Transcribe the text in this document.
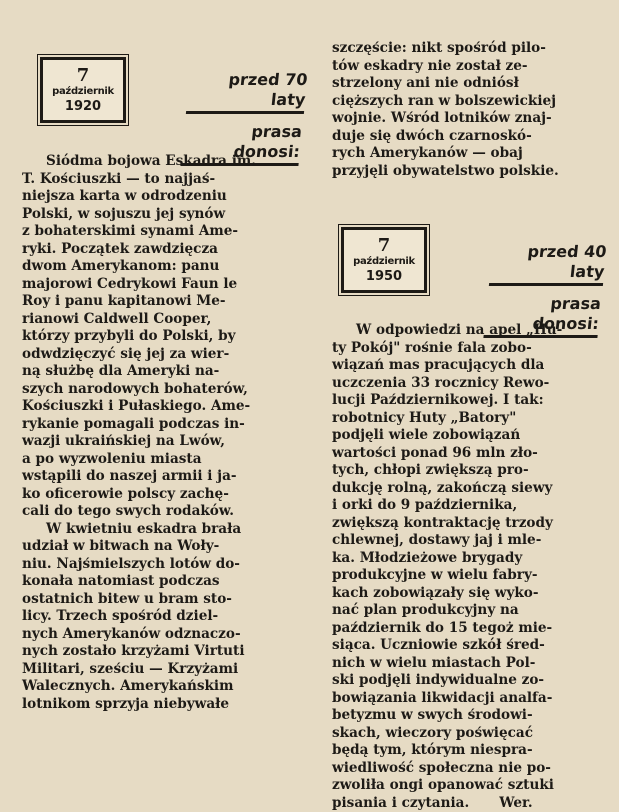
7
październik
1920
przed 70 laty
prasa donosi:

Siódma bojowa Eskadra im.
T. Kościuszki — to najjaś-
niejsza karta w odrodzeniu
Polski, w sojuszu jej synów
z bohaterskimi synami Ame-
ryki. Początek zawdzięcza
dwom Amerykanom: panu
majorowi Cedrykowi Faun le
Roy i panu kapitanowi Me-
rianowi Caldwell Cooper,
którzy przybyli do Polski, by
odwdzięczyć się jej za wier-
ną służbę dla Ameryki na-
szych narodowych bohaterów,
Kościuszki i Pułaskiego. Ame-
rykanie pomagali podczas in-
wazji ukraińskiej na Lwów,
a po wyzwoleniu miasta
wstąpili do naszej armii i ja-
ko oficerowie polscy zachę-
cali do tego swych rodaków.

W kwietniu eskadra brała
udział w bitwach na Woły-
niu. Najśmielszych lotów do-
konała natomiast podczas
ostatnich bitew u bram sto-
licy. Trzech spośród dziel-
nych Amerykanów odznaczo-
nych zostało krzyżami Virtuti
Militari, sześciu — Krzyżami
Walecznych. Amerykańskim
lotnikom sprzyja niebywałe

szczęście: nikt spośród pilo-
tów eskadry nie został ze-
strzelony ani nie odniósł
cięższych ran w bolszewickiej
wojnie. Wśród lotników znaj-
duje się dwóch czarnoskó-
rych Amerykanów — obaj
przyjęli obywatelstwo polskie.

7
październik
1950
przed 40 laty
prasa donosi:

W odpowiedzi na apel „Hu-
ty Pokój" rośnie fala zobo-
wiązań mas pracujących dla
uczczenia 33 rocznicy Rewo-
lucji Październikowej. I tak:
robotnicy Huty „Batory"
podjęli wiele zobowiązań
wartości ponad 96 mln zło-
tych, chłopi zwiększą pro-
dukcję rolną, zakończą siewy
i orki do 9 października,
zwiększą kontraktację trzody
chlewnej, dostawy jaj i mle-
ka. Młodzieżowe brygady
produkcyjne w wielu fabry-
kach zobowiązały się wyko-
nać plan produkcyjny na
październik do 15 tegoż mie-
siąca. Uczniowie szkół śred-
nich w wielu miastach Pol-
ski podjęli indywidualne zo-
bowiązania likwidacji analfa-
betyzmu w swych środowi-
skach, wieczory poświęcać
będą tym, którym niespra-
wiedliwość społeczna nie po-
zwoliła ongi opanować sztuki
pisania i czytania. Wer.
